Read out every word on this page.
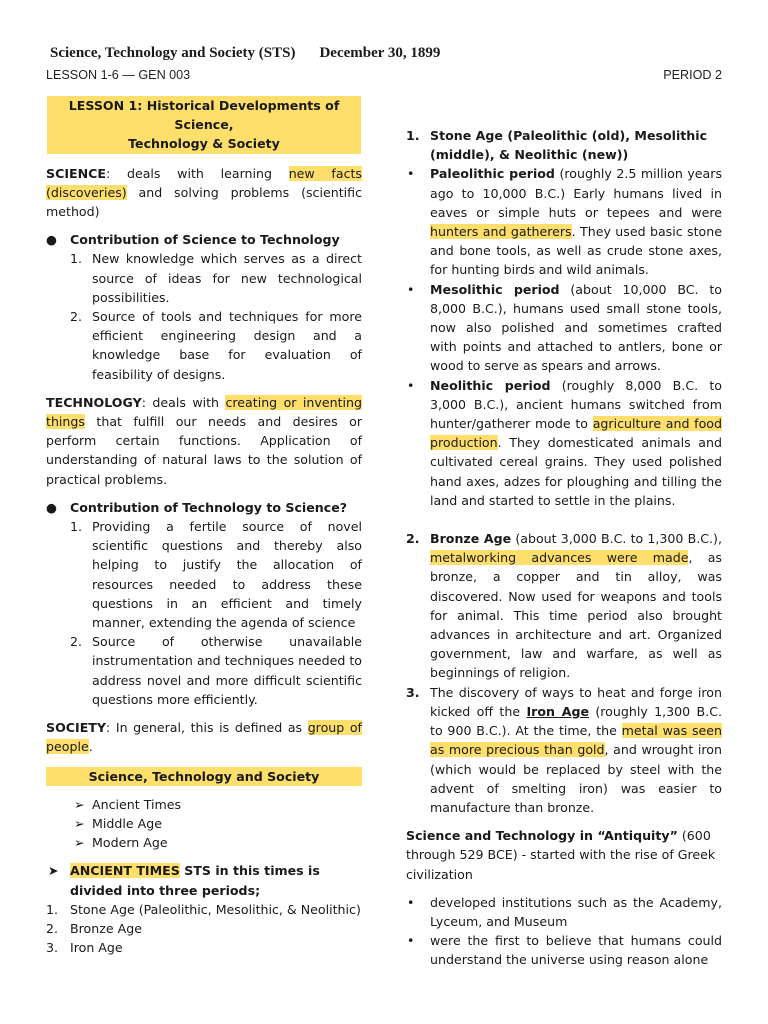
Science, Technology and Society (STS) December 30, 1899
LESSON 1-6 — GEN 003	PERIOD 2
LESSON 1: Historical Developments of Science,
Technology & Society

SCIENCE: deals with learning new facts (discoveries) and solving problems (scientific method)

● Contribution of Science to Technology
1. New knowledge which serves as a direct source of ideas for new technological possibilities.
2. Source of tools and techniques for more efficient engineering design and a knowledge base for evaluation of feasibility of designs.

TECHNOLOGY: deals with creating or inventing things that fulfill our needs and desires or perform certain functions. Application of understanding of natural laws to the solution of practical problems.

● Contribution of Technology to Science?
1. Providing a fertile source of novel scientific questions and thereby also helping to justify the allocation of resources needed to address these questions in an efficient and timely manner, extending the agenda of science
2. Source of otherwise unavailable instrumentation and techniques needed to address novel and more difficult scientific questions more efficiently.

SOCIETY: In general, this is defined as group of people.

Science, Technology and Society
➢ Ancient Times
➢ Middle Age
➢ Modern Age
➤ ANCIENT TIMES STS in this times is divided into three periods;
1. Stone Age (Paleolithic, Mesolithic, & Neolithic)
2. Bronze Age
3. Iron Age
1. Stone Age (Paleolithic (old), Mesolithic (middle), & Neolithic (new))
• Paleolithic period (roughly 2.5 million years ago to 10,000 B.C.) Early humans lived in eaves or simple huts or tepees and were hunters and gatherers. They used basic stone and bone tools, as well as crude stone axes, for hunting birds and wild animals.
• Mesolithic period (about 10,000 BC. to 8,000 B.C.), humans used small stone tools, now also polished and sometimes crafted with points and attached to antlers, bone or wood to serve as spears and arrows.
• Neolithic period (roughly 8,000 B.C. to 3,000 B.C.), ancient humans switched from hunter/gatherer mode to agriculture and food production. They domesticated animals and cultivated cereal grains. They used polished hand axes, adzes for ploughing and tilling the land and started to settle in the plains.
2. Bronze Age (about 3,000 B.C. to 1,300 B.C.), metalworking advances were made, as bronze, a copper and tin alloy, was discovered. Now used for weapons and tools for animal. This time period also brought advances in architecture and art. Organized government, law and warfare, as well as beginnings of religion.
3. The discovery of ways to heat and forge iron kicked off the Iron Age (roughly 1,300 B.C. to 900 B.C.). At the time, the metal was seen as more precious than gold, and wrought iron (which would be replaced by steel with the advent of smelting iron) was easier to manufacture than bronze.

Science and Technology in “Antiquity” (600 through 529 BCE) - started with the rise of Greek civilization

• developed institutions such as the Academy, Lyceum, and Museum
• were the first to believe that humans could understand the universe using reason alone
